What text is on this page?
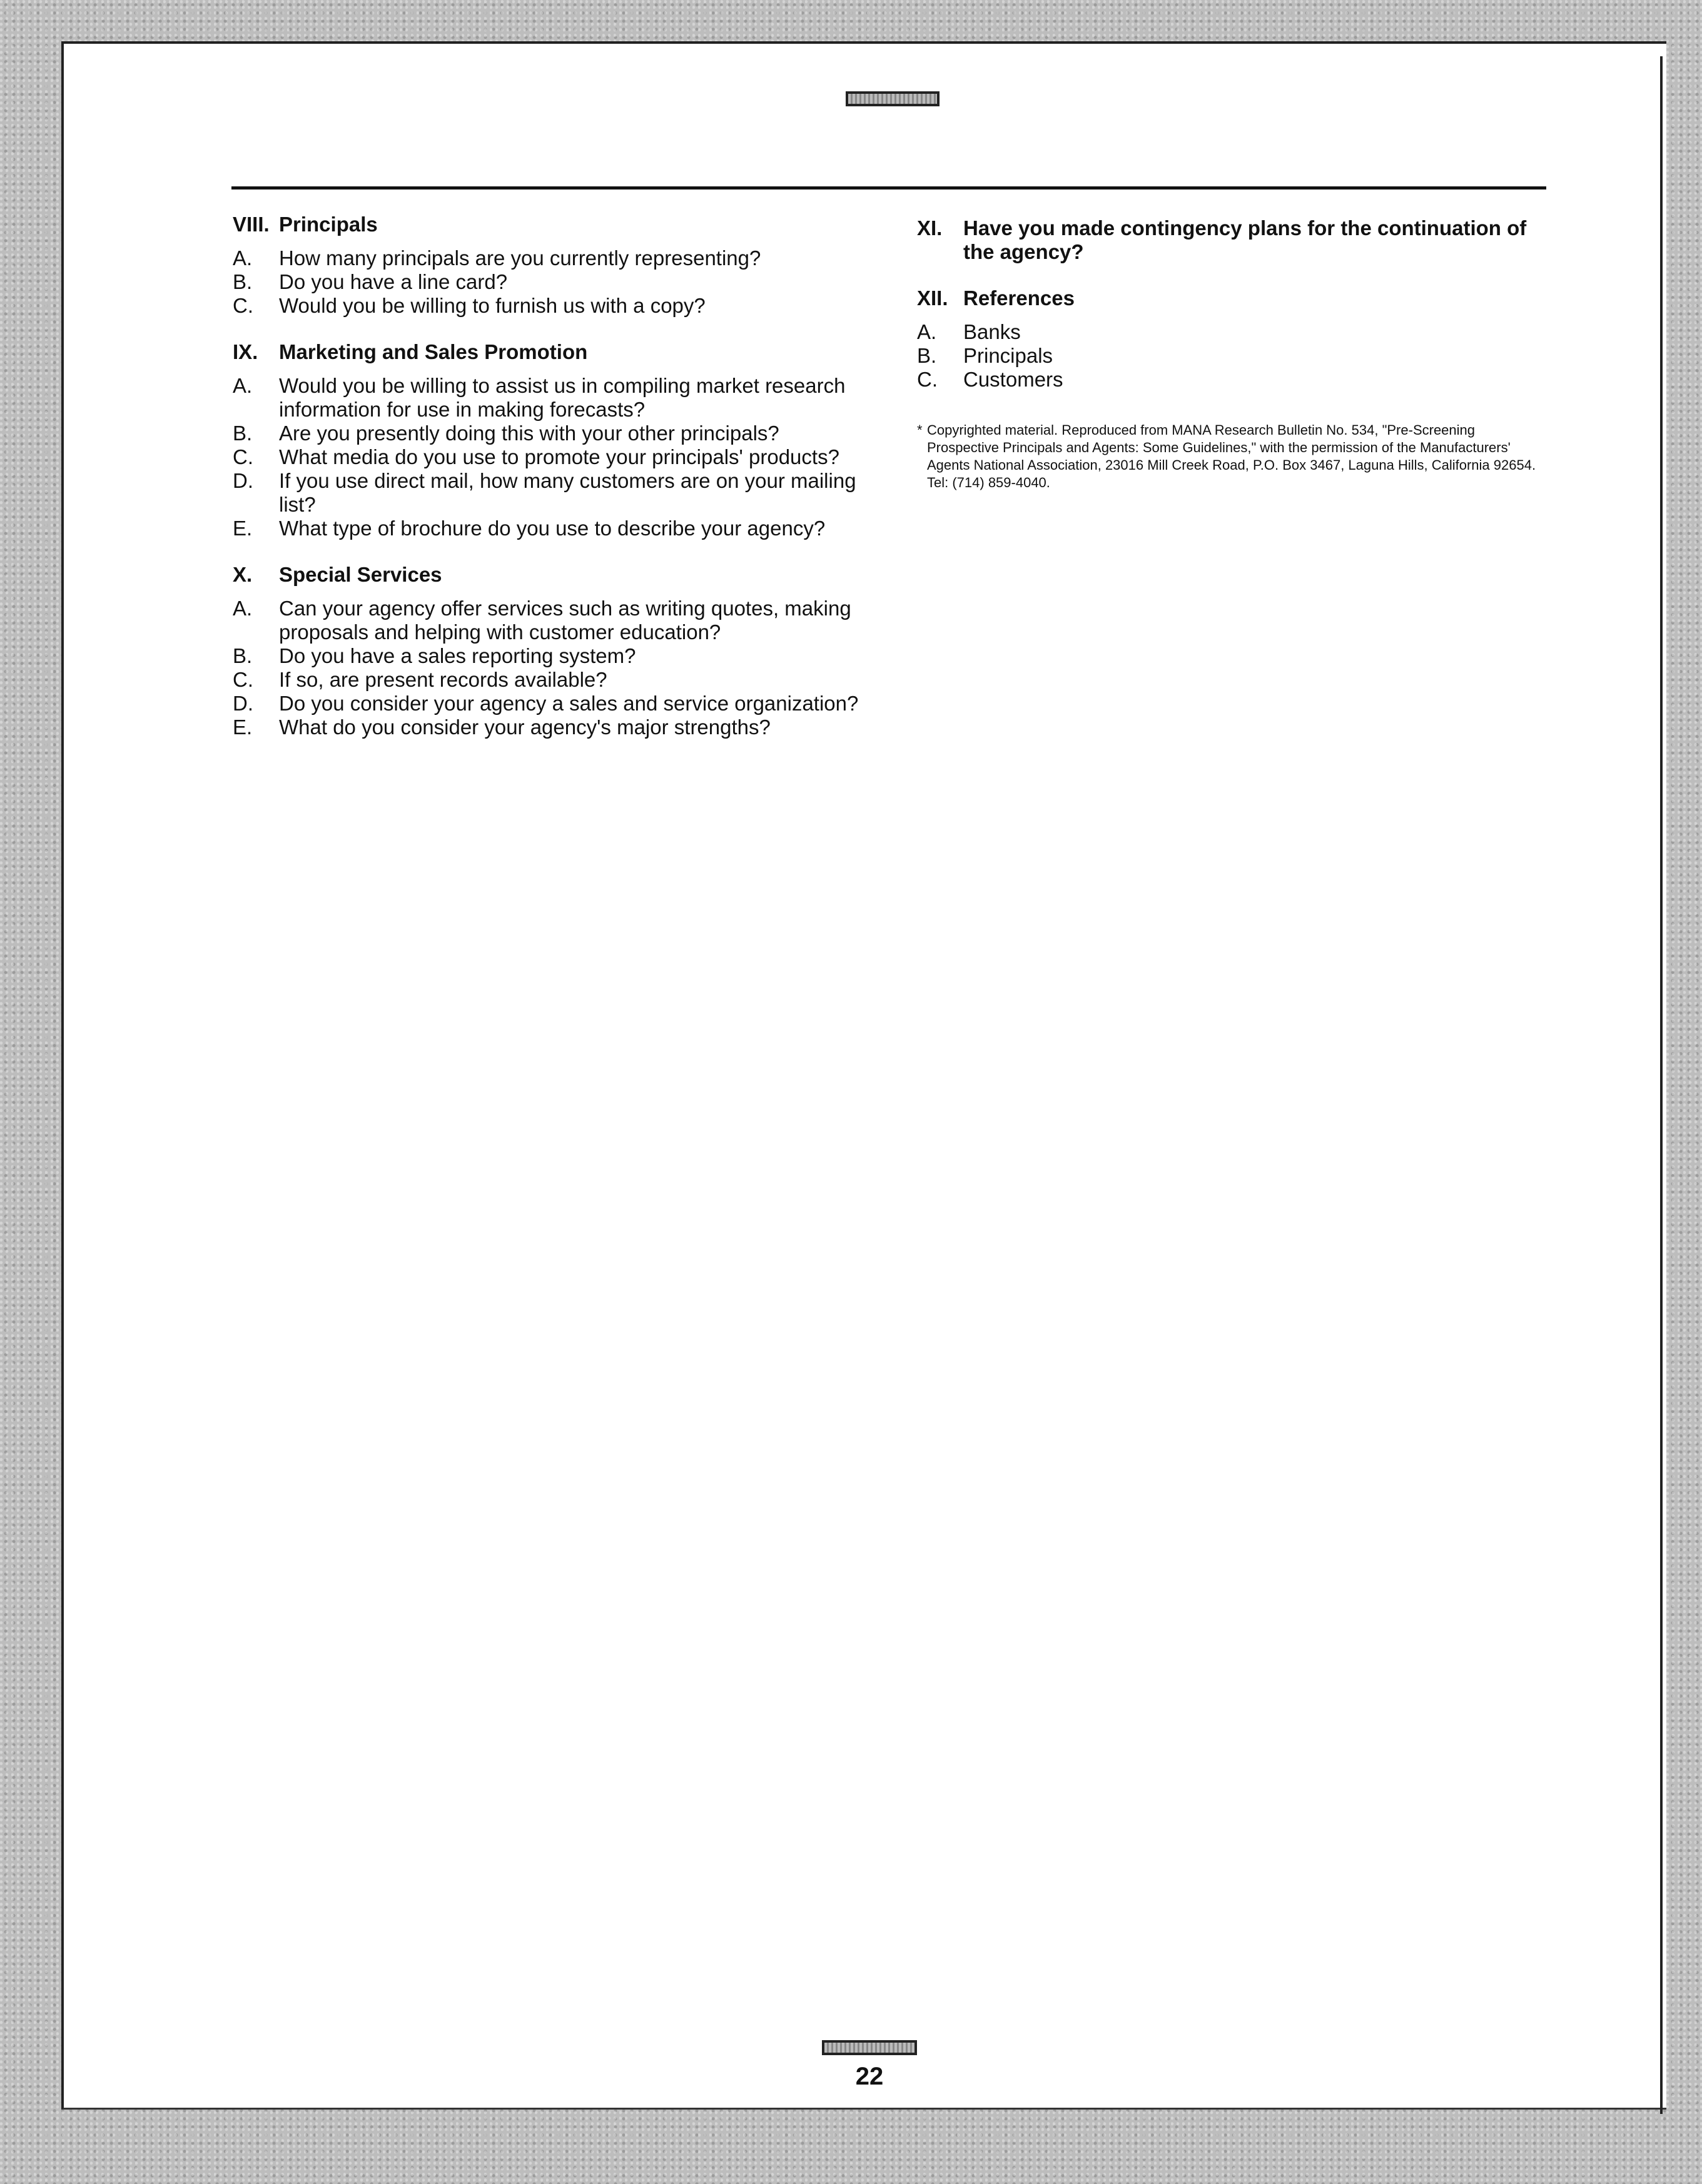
VIII. Principals
A.	How many principals are you currently representing?
B.	Do you have a line card?
C.	Would you be willing to furnish us with a copy?
IX.	Marketing and Sales Promotion
A.	Would you be willing to assist us in compiling market research information for use in making forecasts?
B.	Are you presently doing this with your other principals?
C.	What media do you use to promote your principals' products?
D.	If you use direct mail, how many customers are on your mailing list?
E.	What type of brochure do you use to describe your agency?
X.	Special Services
A.	Can your agency offer services such as writing quotes, making proposals and helping with customer education?
B.	Do you have a sales reporting system?
C.	If so, are present records available?
D.	Do you consider your agency a sales and service organization?
E.	What do you consider your agency's major strengths?
XI.	Have you made contingency plans for the continuation of the agency?
XII. References
A.	Banks
B.	Principals
C.	Customers
* Copyrighted material. Reproduced from MANA Research Bulletin No. 534, "Pre-Screening Prospective Principals and Agents: Some Guidelines," with the permission of the Manufacturers' Agents National Association, 23016 Mill Creek Road, P.O. Box 3467, Laguna Hills, California 92654. Tel: (714) 859-4040.
22
